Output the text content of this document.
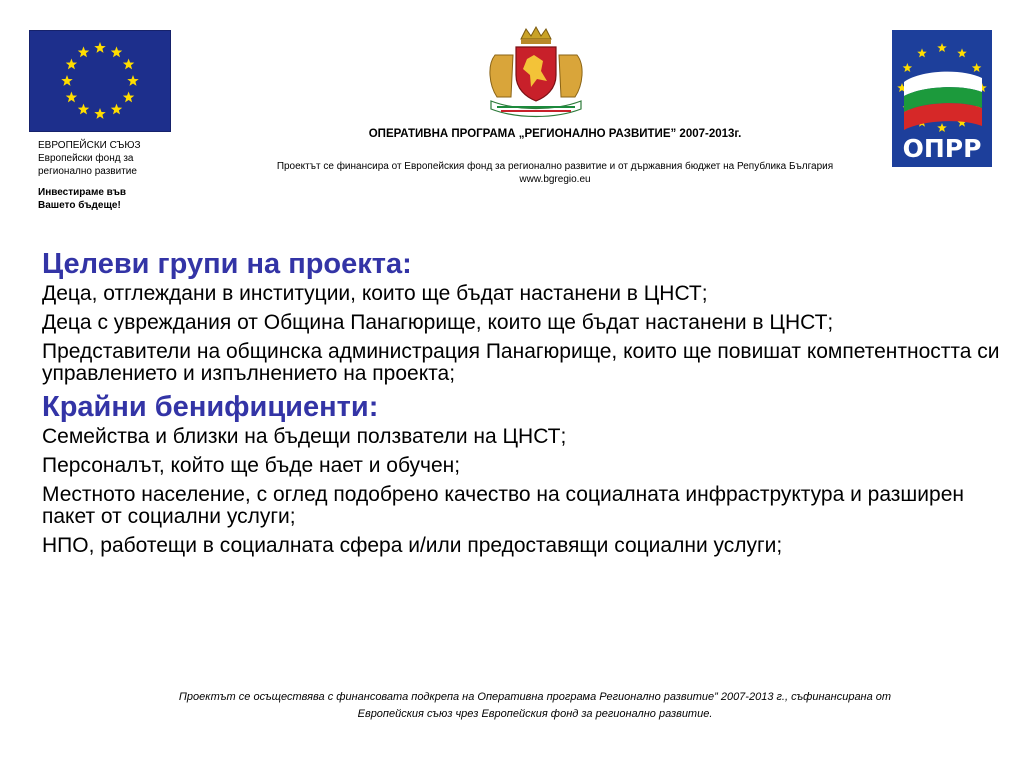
ЕВРОПЕЙСКИ СЪЮЗ
Европейски фонд за
регионално развитие
Инвестираме във
Вашето бъдеще!
ОПРР
ОПЕРАТИВНА ПРОГРАМА „РЕГИОНАЛНО РАЗВИТИЕ” 2007-2013г.
Проектът се финансира от Европейския фонд за регионално развитие и от държавния бюджет на Република България
www.bgregio.eu
Целеви групи на проекта:
Деца, отглеждани в институции, които ще бъдат настанени в ЦНСТ;
Деца с увреждания от Община Панагюрище, които ще бъдат настанени в ЦНСТ;
Представители на общинска администрация Панагюрище, които ще повишат компетентността си управлението и изпълнението на проекта;
Крайни бенифициенти:
Семейства и близки на бъдещи ползватели на ЦНСТ;
Персоналът, който ще бъде нает и обучен;
Местното население, с оглед подобрено качество на социалната инфраструктура и разширен пакет от социални услуги;
НПО, работещи в социалната сфера и/или предоставящи социални услуги;
Проектът се осъществява с финансовата подкрепа на Оперативна програма Регионално развитие” 2007-2013 г., съфинансирана от
Европейския съюз чрез Европейския фонд за регионално развитие.
